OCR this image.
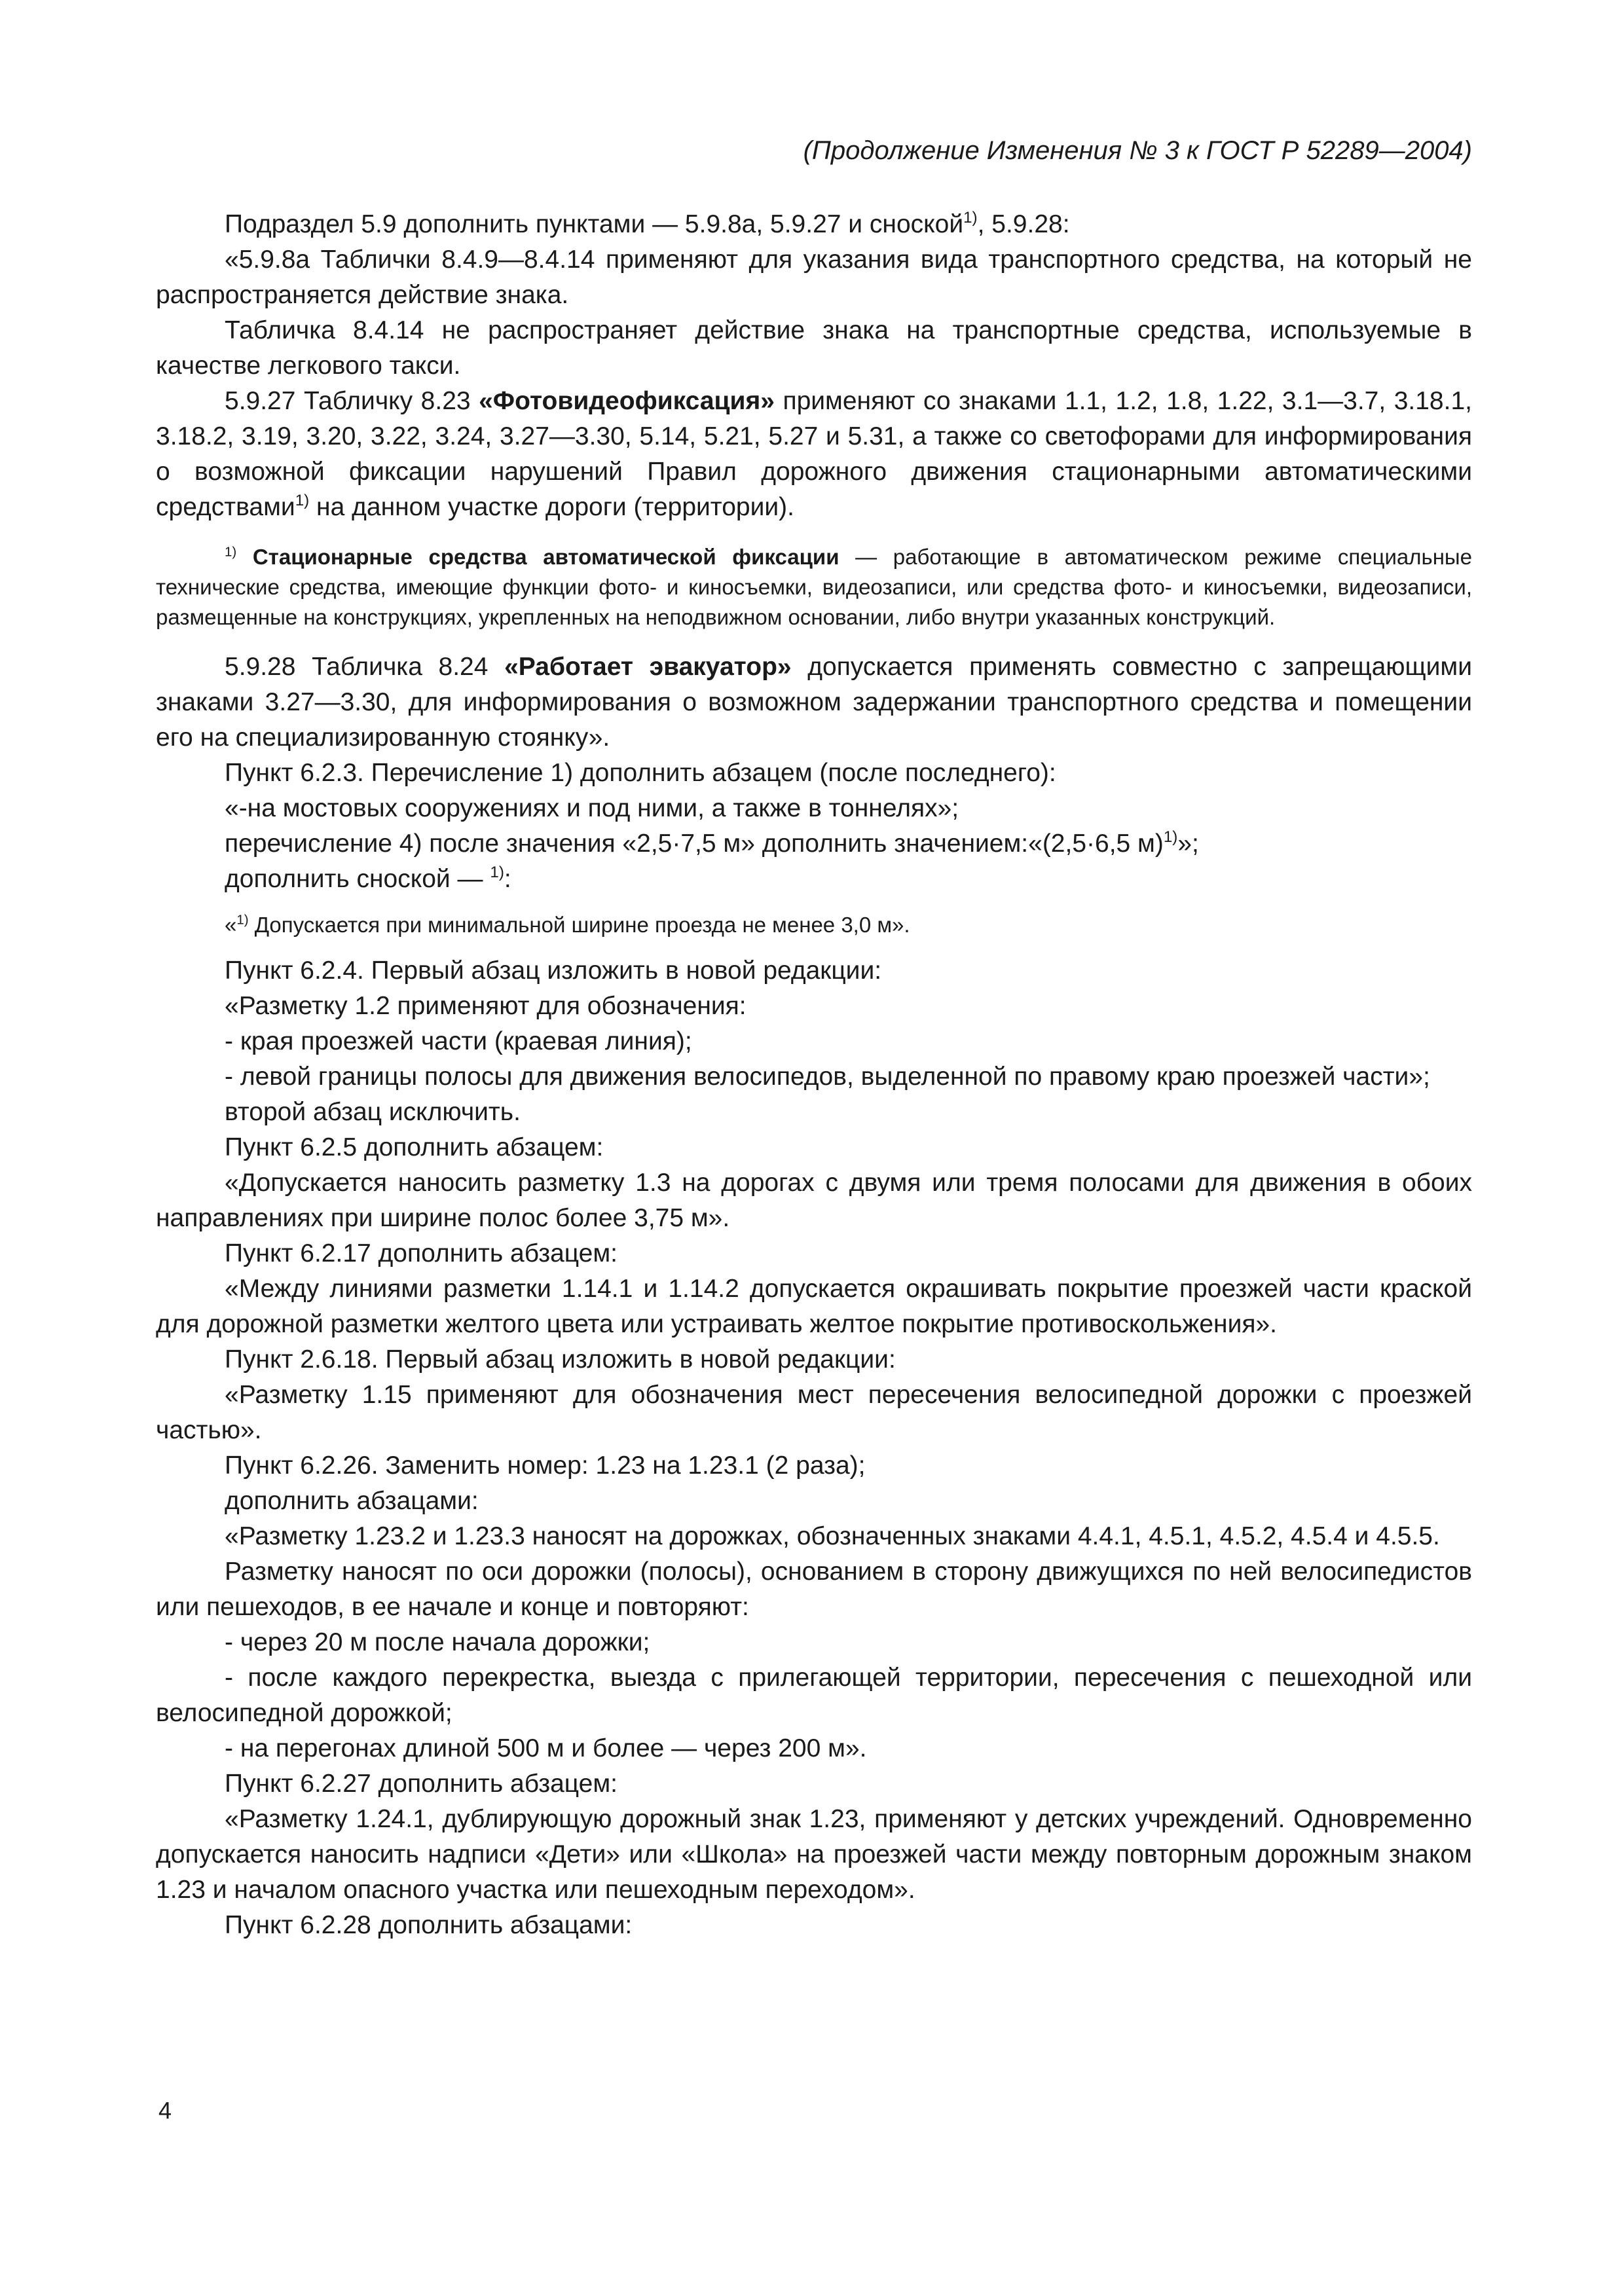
(Продолжение Изменения № 3 к ГОСТ Р 52289—2004)

Подраздел 5.9 дополнить пунктами — 5.9.8а, 5.9.27 и сноской$^{1)}$, 5.9.28:

«5.9.8а Таблички 8.4.9—8.4.14 применяют для указания вида транспортного средства, на который не распространяется действие знака.

Табличка 8.4.14 не распространяет действие знака на транспортные средства, используемые в качестве легкового такси.

5.9.27 Табличку 8.23 «Фотовидеофиксация» применяют со знаками 1.1, 1.2, 1.8, 1.22, 3.1—3.7, 3.18.1, 3.18.2, 3.19, 3.20, 3.22, 3.24, 3.27—3.30, 5.14, 5.21, 5.27 и 5.31, а также со светофорами для информирования о возможной фиксации нарушений Правил дорожного движения стационарными автоматическими средствами$^{1)}$ на данном участке дороги (территории).

$^{1)}$ Стационарные средства автоматической фиксации — работающие в автоматическом режиме специальные технические средства, имеющие функции фото- и киносъемки, видеозаписи, или средства фото- и киносъемки, видеозаписи, размещенные на конструкциях, укрепленных на неподвижном основании, либо внутри указанных конструкций.

5.9.28 Табличка 8.24 «Работает эвакуатор» допускается применять совместно с запрещающими знаками 3.27—3.30, для информирования о возможном задержании транспортного средства и помещении его на специализированную стоянку».

Пункт 6.2.3. Перечисление 1) дополнить абзацем (после последнего):

«-на мостовых сооружениях и под ними, а также в тоннелях»;

перечисление 4) после значения «2,5·7,5 м» дополнить значением:«(2,5·6,5 м)$^{1)}$»;

дополнить сноской — $^{1)}$:

«$^{1)}$ Допускается при минимальной ширине проезда не менее 3,0 м».

Пункт 6.2.4. Первый абзац изложить в новой редакции:

«Разметку 1.2 применяют для обозначения:

- края проезжей части (краевая линия);

- левой границы полосы для движения велосипедов, выделенной по правому краю проезжей части»;

второй абзац исключить.

Пункт 6.2.5 дополнить абзацем:

«Допускается наносить разметку 1.3 на дорогах с двумя или тремя полосами для движения в обоих направлениях при ширине полос более 3,75 м».

Пункт 6.2.17 дополнить абзацем:

«Между линиями разметки 1.14.1 и 1.14.2 допускается окрашивать покрытие проезжей части краской для дорожной разметки желтого цвета или устраивать желтое покрытие противоскольжения».

Пункт 2.6.18. Первый абзац изложить в новой редакции:

«Разметку 1.15 применяют для обозначения мест пересечения велосипедной дорожки с проезжей частью».

Пункт 6.2.26. Заменить номер: 1.23 на 1.23.1 (2 раза);

дополнить абзацами:

«Разметку 1.23.2 и 1.23.3 наносят на дорожках, обозначенных знаками 4.4.1, 4.5.1, 4.5.2, 4.5.4 и 4.5.5.

Разметку наносят по оси дорожки (полосы), основанием в сторону движущихся по ней велосипедистов или пешеходов, в ее начале и конце и повторяют:

- через 20 м после начала дорожки;

- после каждого перекрестка, выезда с прилегающей территории, пересечения с пешеходной или велосипедной дорожкой;

- на перегонах длиной 500 м и более — через 200 м».

Пункт 6.2.27 дополнить абзацем:

«Разметку 1.24.1, дублирующую дорожный знак 1.23, применяют у детских учреждений. Одновременно допускается наносить надписи «Дети» или «Школа» на проезжей части между повторным дорожным знаком 1.23 и началом опасного участка или пешеходным переходом».

Пункт 6.2.28 дополнить абзацами:

4
